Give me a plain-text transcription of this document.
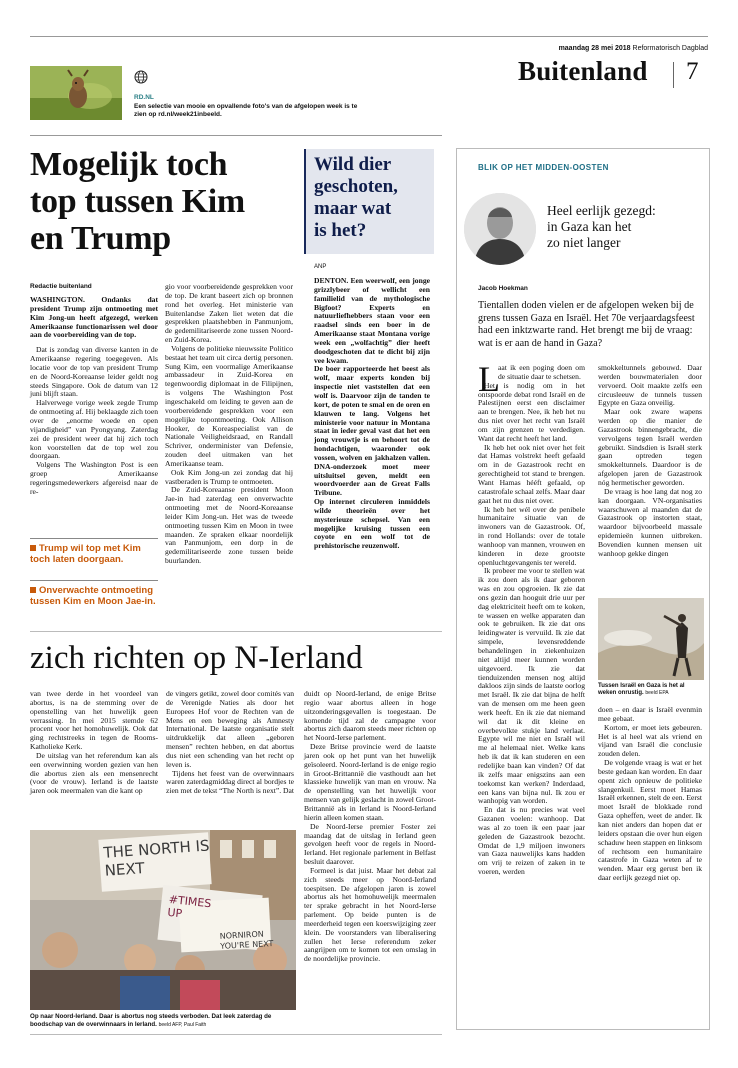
maandag 28 mei 2018 Reformatorisch Dagblad
Buitenland 7
RD.NL
Een selectie van mooie en opvallende foto's van de afgelopen week is te zien op rd.nl/week21inbeeld.
Mogelijk toch
top tussen Kim
en Trump
Redactie buitenland

WASHINGTON. Ondanks dat president Trump zijn ontmoeting met Kim Jong-un heeft afgezegd, werken Amerikaanse functionarissen wel door aan de voorbereiding van de top.

Dat is zondag van diverse kanten in de Amerikaanse regering toegegeven. Als locatie voor de top van president Trump en de Noord-Koreaanse leider geldt nog steeds Singapore. Ook de datum van 12 juni blijft staan.

Halverwege vorige week zegde Trump de ontmoeting af. Hij beklaagde zich toen over de „enorme woede en open vijandigheid” van Pyongyang. Zaterdag zei de president weer dat hij zich toch kon voorstellen dat de top wel zou doorgaan.

Volgens The Washington Post is een groep Amerikaanse regeringsmedewerkers afgereisd naar de re-

Trump wil top met Kim toch laten doorgaan.
Onverwachte ontmoeting tussen Kim en Moon Jae-in.

gio voor voorbereidende gesprekken voor de top. De krant baseert zich op bronnen rond het overleg. Het ministerie van Buitenlandse Zaken liet weten dat die gesprekken plaatshebben in Panmunjom, de gedemilitariseerde zone tussen Noord- en Zuid-Korea.

Volgens de politieke nieuwssite Politico bestaat het team uit circa dertig personen. Sung Kim, een voormalige Amerikaanse ambassadeur in Zuid-Korea en tegenwoordig diplomaat in de Filipijnen, is volgens The Washington Post ingeschakeld om leiding te geven aan de voorbereidende gesprekken voor een mogelijke topontmoeting. Ook Allison Hooker, de Koreaspecialist van de Nationale Veiligheidsraad, en Randall Schriver, onderminister van Defensie, zouden deel uitmaken van het Amerikaanse team.

Ook Kim Jong-un zei zondag dat hij vastberaden is Trump te ontmoeten.

De Zuid-Koreaanse president Moon Jae-in had zaterdag een onverwachte ontmoeting met de Noord-Koreaanse leider Kim Jong-un. Het was de tweede ontmoeting tussen Kim en Moon in twee maanden. Ze spraken elkaar noordelijk van Panmunjom, een dorp in de gedemilitariseerde zone tussen beide buurlanden.

Wild dier
geschoten,
maar wat
is het?
ANP

DENTON. Een weerwolf, een jonge grizzlybeer of wellicht een familielid van de mythologische Bigfoot? Experts en natuurliefhebbers staan voor een raadsel sinds een boer in de Amerikaanse staat Montana vorige week een „wolfachtig” dier heeft doodgeschoten dat te dicht bij zijn vee kwam.

De boer rapporteerde het beest als wolf, maar experts konden bij inspectie niet vaststellen dat een wolf is. Daarvoor zijn de tanden te kort, de poten te smal en de oren en klauwen te lang. Volgens het ministerie voor natuur in Montana staat in ieder geval vast dat het een jong vrouwtje is en behoort tot de hondachtigen, waaronder ook vossen, wolven en jakhalzen vallen. DNA-onderzoek moet meer uitsluitsel geven, meldt een woordvoerder aan de Great Falls Tribune.

Op internet circuleren inmiddels wilde theorieën over het mysterieuze schepsel. Van een mogelijke kruising tussen een coyote en een wolf tot de prehistorische reuzenwolf.

BLIK OP HET MIDDEN-OOSTEN
Heel eerlijk gezegd:
in Gaza kan het
zo niet langer
Jacob Hoekman
Tientallen doden vielen er de afgelopen weken bij de grens tussen Gaza en Israël. Het 70e verjaardagsfeest had een inktzwarte rand. Het brengt me bij de vraag: wat is er aan de hand in Gaza?
L

aat ik een poging doen om de situatie daar te schetsen.

Het is nodig om in het ontspoorde debat rond Israël en de Palestijnen eerst een disclaimer aan te brengen. Nee, ik heb het nu dus niet over het recht van Israël om zijn grenzen te verdedigen. Want dat recht heeft het land.

Ik heb het ook niet over het feit dat Hamas volstrekt heeft gefaald om in de Gazastrook recht en gerechtigheid tot stand te brengen. Want Hamas hééft gefaald, op catastrofale schaal zelfs. Maar daar gaat het nu dus niet over.

Ik heb het wél over de penibele humanitaire situatie van de inwoners van de Gazastrook. Of, in rond Hollands: over de totale wanhoop van mannen, vrouwen en kinderen in deze grootste openluchtgevangenis ter wereld.

Ik probeer me voor te stellen wat ik zou doen als ik daar geboren was en zou opgroeien. Ik zie dat ons gezin dan hooguit drie uur per dag elektriciteit heeft om te koken, te wassen en welke apparaten dan ook te gebruiken. Ik zie dat ons leidingwater is vervuild. Ik zie dat simpele, levensreddende behandelingen in ziekenhuizen niet altijd meer kunnen worden uitgevoerd. Ik zie dat tienduizenden mensen nog altijd dakloos zijn sinds de laatste oorlog met Israël. Ik zie dat bijna de helft van de mensen om me heen geen werk heeft. En ik zie dat niemand wil dat ik dit kleine en overbevolkte stukje land verlaat. Egypte wil me niet en Israël wil me al helemaal niet. Welke kans heb ik dat ik kan studeren en een redelijke baan kan vinden? Of dat ik zelfs maar enigszins aan een toekomst kan werken? Inderdaad, een kans van bijna nul. Ik zou er wanhopig van worden.

En dat is nu precies wat veel Gazanen voelen: wanhoop. Dat was al zo toen ik een paar jaar geleden de Gazastrook bezocht. Omdat de 1,9 miljoen inwoners van Gaza nauwelijks kans hadden om vrij te reizen of zaken in te voeren, werden

smokkeltunnels gebouwd. Daar werden bouwmaterialen door vervoerd. Ooit maakte zelfs een circusleeuw de tunnels tussen Egypte en Gaza onveilig.

Maar ook zware wapens werden op die manier de Gazastrook binnengebracht, die vervolgens tegen Israël werden gebruikt. Sindsdien is Israël sterk gaan optreden tegen smokkeltunnels. Daardoor is de afgelopen jaren de Gazastrook nóg hermetischer geworden.

De vraag is hoe lang dat nog zo kan doorgaan. VN-organisaties waarschuwen al maanden dat de Gazastrook op instorten staat, waardoor bijvoorbeeld massale epidemieën kunnen uitbreken. Bovendien kunnen mensen uit wanhoop gekke dingen

Tussen Israël en Gaza is het al weken onrustig. beeld EPA

doen – en daar is Israël evenmin mee gebaat.

Kortom, er moet iets gebeuren. Het is al heel wat als vriend en vijand van Israël die conclusie zouden delen.

De volgende vraag is wat er het beste gedaan kan worden. En daar opent zich opnieuw de politieke slangenkuil. Eerst moet Hamas Israël erkennen, stelt de een. Eerst moet Israël de blokkade rond Gaza opheffen, weet de ander. Ik kan niet anders dan hopen dat er leiders opstaan die over hun eigen schaduw heen stappen en linksom of rechtsom een humanitaire catastrofe in Gaza weten af te wenden. Maar erg gerust ben ik daar eerlijk gezegd niet op.

zich richten op N-Ierland

van twee derde in het voordeel van abortus, is na de stemming over de openstelling van het huwelijk geen verrassing. In mei 2015 stemde 62 procent voor het homohuwelijk. Ook dat ging rechtstreeks in tegen de Rooms-Katholieke Kerk.

De uitslag van het referendum kan als een overwinning worden gezien van hen die abortus zien als een mensenrecht (voor de vrouw). Ierland is de laatste jaren ook meermalen van die kant op

de vingers getikt, zowel door comités van de Verenigde Naties als door het Europees Hof voor de Rechten van de Mens en een beweging als Amnesty International. De laatste organisatie stelt uitdrukkelijk dat alleen „geboren mensen” rechten hebben, en dat abortus dus niet een schending van het recht op leven is.

Tijdens het feest van de overwinnaars waren zaterdagmiddag direct al bordjes te zien met de tekst “The North is next”. Dat

duidt op Noord-Ierland, de enige Britse regio waar abortus alleen in hoge uitzonderingsgevallen is toegestaan. De komende tijd zal de campagne voor abortus zich daarom steeds meer richten op het Noord-Ierse parlement.

Deze Britse provincie werd de laatste jaren ook op het punt van het huwelijk geïsoleerd. Noord-Ierland is de enige regio in Groot-Brittannië die vasthoudt aan het klassieke huwelijk van man en vrouw. Na de openstelling van het huwelijk voor mensen van gelijk geslacht in zowel Groot-Brittannië als in Ierland is Noord-Ierland hierin alleen komen staan.

De Noord-Ierse premier Foster zei maandag dat de uitslag in Ierland geen gevolgen heeft voor de regels in Noord-Ierland. Het regionale parlement in Belfast besluit daarover.

Formeel is dat juist. Maar het debat zal zich steeds meer op Noord-Ierland toespitsen. De afgelopen jaren is zowel abortus als het homohuwelijk meermalen ter sprake gebracht in het Noord-Ierse parlement. Op beide punten is de meerderheid tegen een koerswijziging zeer klein. De voorstanders van liberalisering zullen het Ierse referendum zeker aangrijpen om te komen tot een omslag in de noordelijke provincie.

THE NORTH IS NEXT
#TIMES UP
NORNIRON
YOU'RE NEXT
Op naar Noord-Ierland. Daar is abortus nog steeds verboden. Dat leek zaterdag de boodschap van de overwinnaars in Ierland. beeld AFP, Paul Faith
